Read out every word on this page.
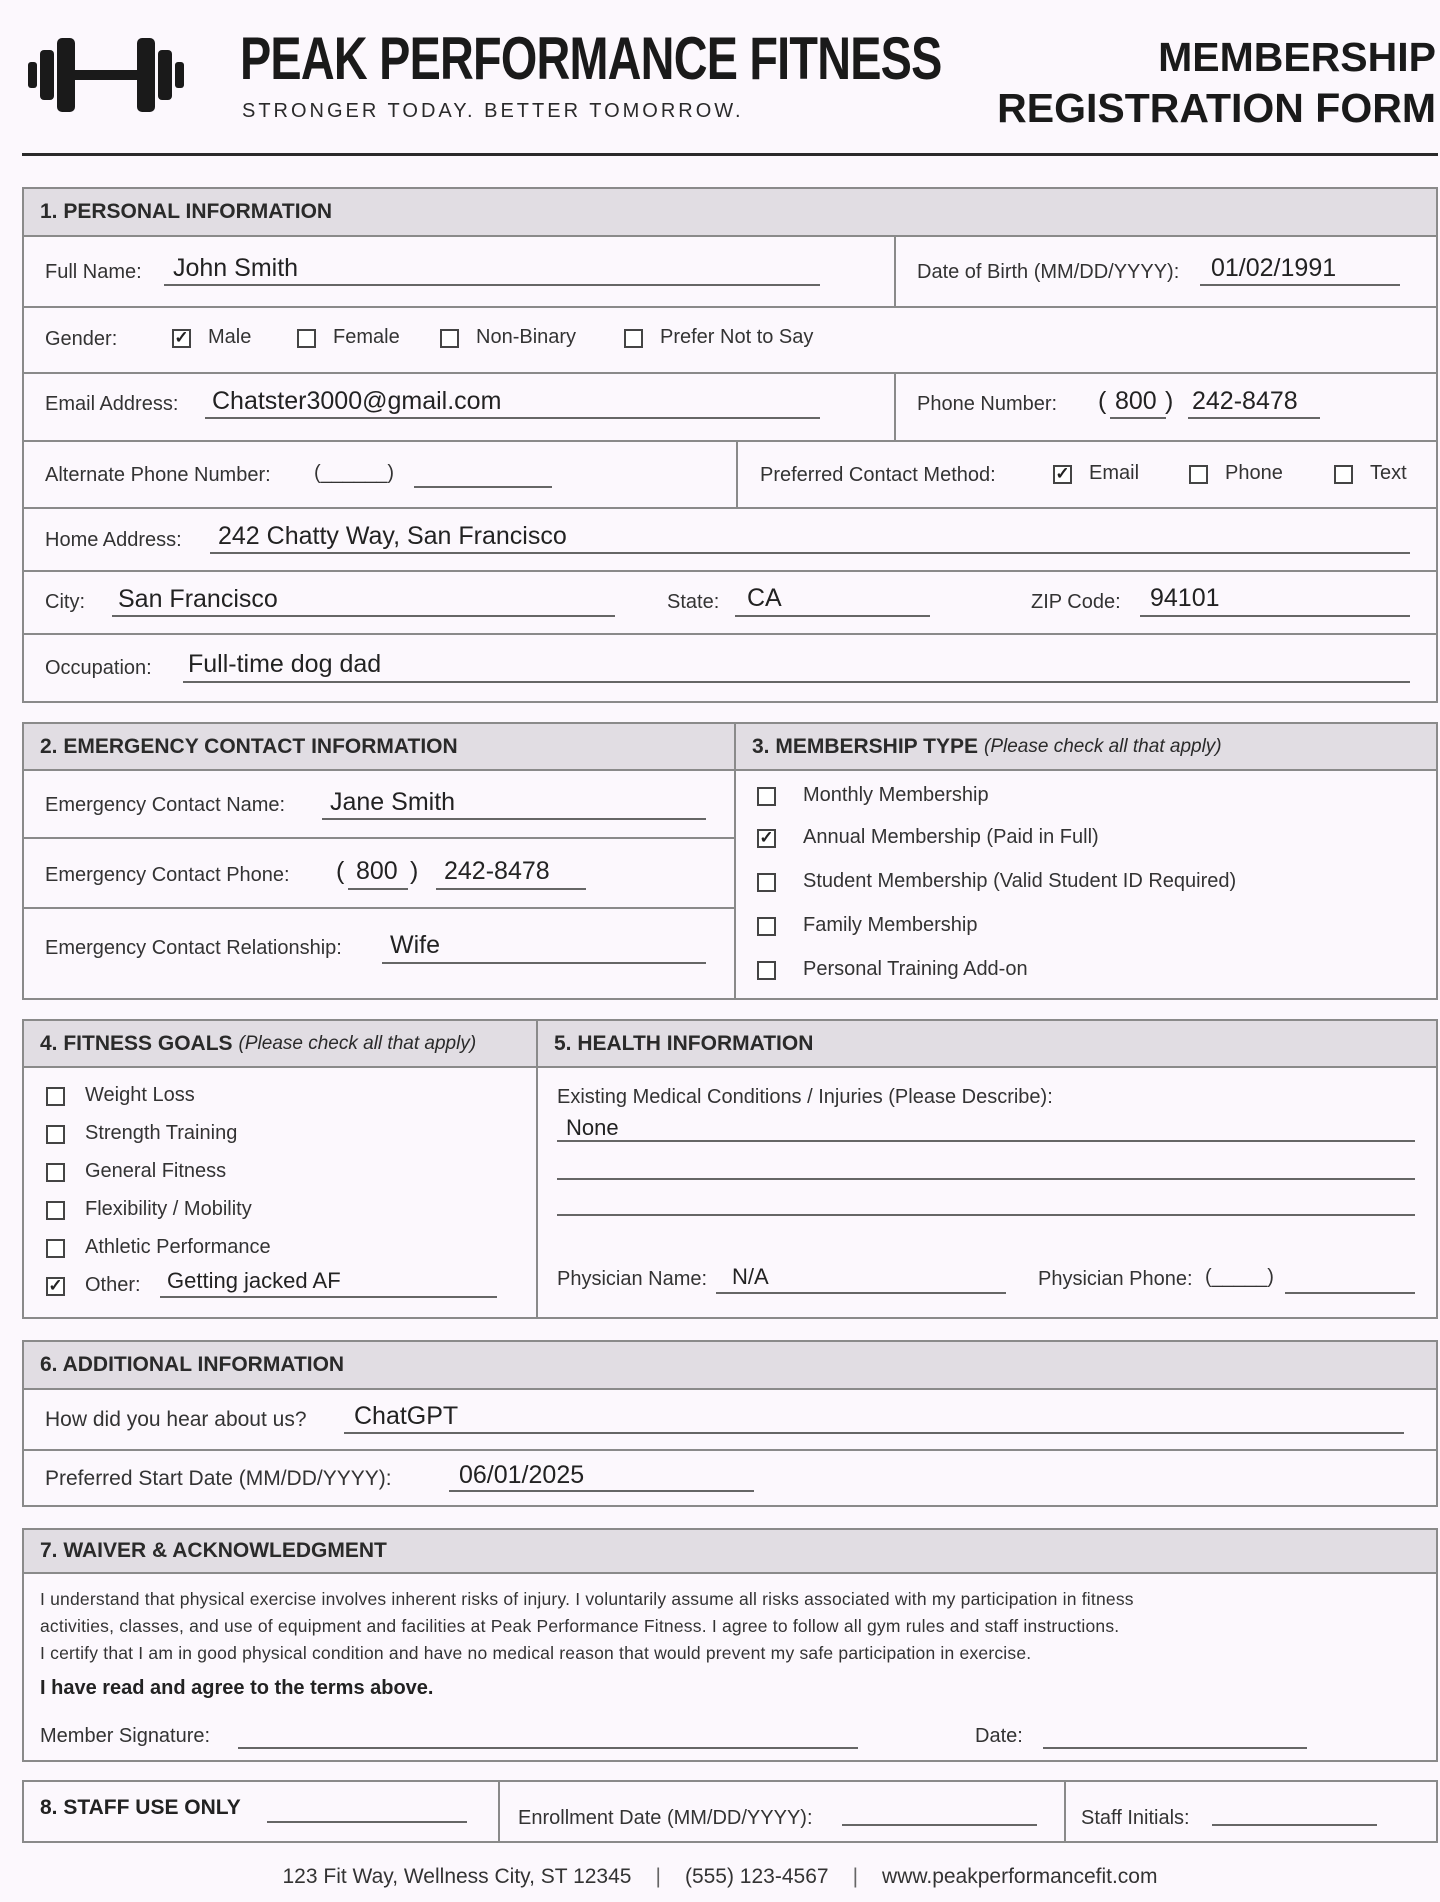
PEAK PERFORMANCE FITNESS
STRONGER TODAY. BETTER TOMORROW.
MEMBERSHIP
REGISTRATION FORM
1. PERSONAL INFORMATION
Full Name: John Smith	Date of Birth (MM/DD/YYYY): 01/02/1991
Gender:	✓ Male	Female	Non-Binary	Prefer Not to Say
Email Address: Chatster3000@gmail.com	Phone Number: ( 800 ) 242-8478
Alternate Phone Number: (______)	Preferred Contact Method:	✓ Email	Phone	Text
Home Address: 242 Chatty Way, San Francisco
City: San Francisco	State: CA	ZIP Code: 94101
Occupation: Full-time dog dad
2. EMERGENCY CONTACT INFORMATION	3. MEMBERSHIP TYPE (Please check all that apply)
Emergency Contact Name: Jane Smith
Emergency Contact Phone: ( 800 ) 242-8478
Emergency Contact Relationship: Wife
Monthly Membership
✓ Annual Membership (Paid in Full)
Student Membership (Valid Student ID Required)
Family Membership
Personal Training Add-on
4. FITNESS GOALS (Please check all that apply)	5. HEALTH INFORMATION
Weight Loss
Strength Training
General Fitness
Flexibility / Mobility
Athletic Performance
✓ Other: Getting jacked AF
Existing Medical Conditions / Injuries (Please Describe):
None
Physician Name: N/A	Physician Phone: (_____)
6. ADDITIONAL INFORMATION
How did you hear about us? ChatGPT
Preferred Start Date (MM/DD/YYYY):	06/01/2025
7. WAIVER & ACKNOWLEDGMENT
I understand that physical exercise involves inherent risks of injury. I voluntarily assume all risks associated with my participation in fitness
activities, classes, and use of equipment and facilities at Peak Performance Fitness. I agree to follow all gym rules and staff instructions.
I certify that I am in good physical condition and have no medical reason that would prevent my safe participation in exercise.
I have read and agree to the terms above.
Member Signature:	Date:
8. STAFF USE ONLY	Enrollment Date (MM/DD/YYYY):	Staff Initials:
123 Fit Way, Wellness City, ST 12345 | (555) 123-4567 | www.peakperformancefit.com
